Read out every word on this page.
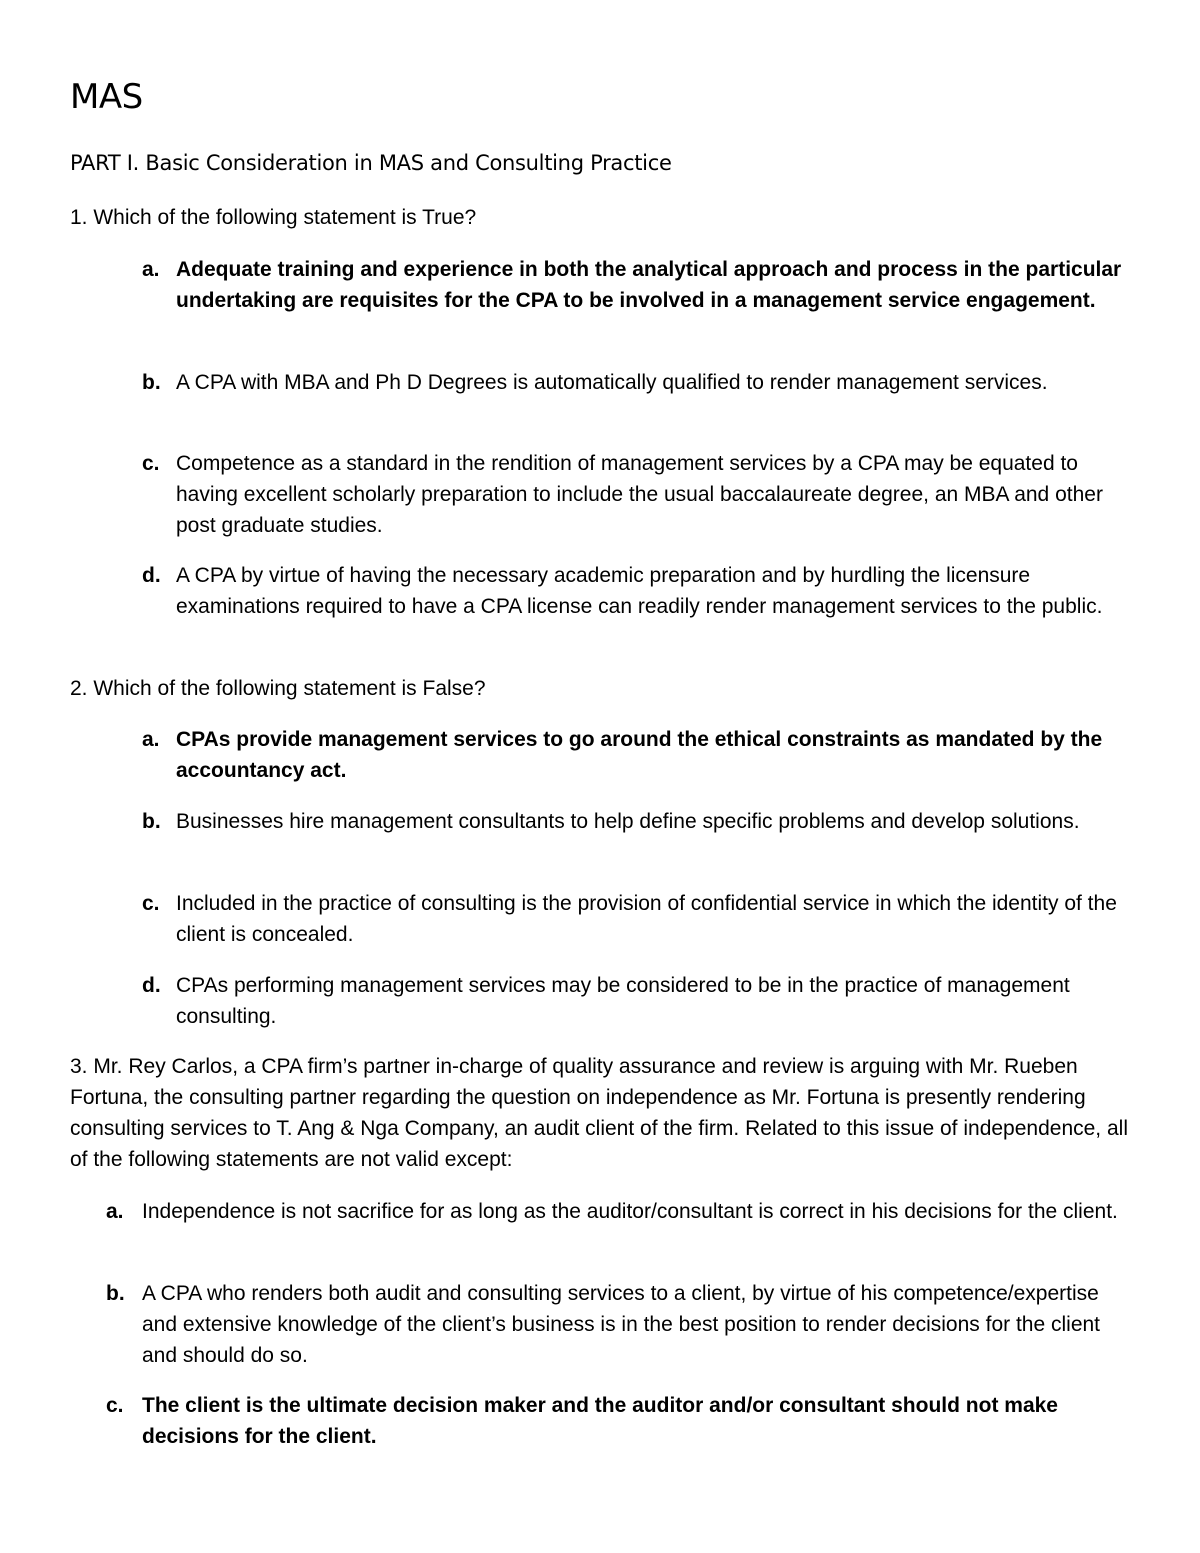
MAS
PART I. Basic Consideration in MAS and Consulting Practice

1. Which of the following statement is True?

a. Adequate training and experience in both the analytical approach and process in the particular undertaking are requisites for the CPA to be involved in a management service engagement.
b. A CPA with MBA and Ph D Degrees is automatically qualified to render management services.
c. Competence as a standard in the rendition of management services by a CPA may be equated to having excellent scholarly preparation to include the usual baccalaureate degree, an MBA and other post graduate studies.
d. A CPA by virtue of having the necessary academic preparation and by hurdling the licensure examinations required to have a CPA license can readily render management services to the public.

2. Which of the following statement is False?

a. CPAs provide management services to go around the ethical constraints as mandated by the accountancy act.
b. Businesses hire management consultants to help define specific problems and develop solutions.
c. Included in the practice of consulting is the provision of confidential service in which the identity of the client is concealed.
d. CPAs performing management services may be considered to be in the practice of management consulting.

3. Mr. Rey Carlos, a CPA firm’s partner in-charge of quality assurance and review is arguing with Mr. Rueben Fortuna, the consulting partner regarding the question on independence as Mr. Fortuna is presently rendering consulting services to T. Ang & Nga Company, an audit client of the firm. Related to this issue of independence, all of the following statements are not valid except:

a. Independence is not sacrifice for as long as the auditor/consultant is correct in his decisions for the client.
b. A CPA who renders both audit and consulting services to a client, by virtue of his competence/expertise and extensive knowledge of the client’s business is in the best position to render decisions for the client and should do so.
c. The client is the ultimate decision maker and the auditor and/or consultant should not make decisions for the client.
